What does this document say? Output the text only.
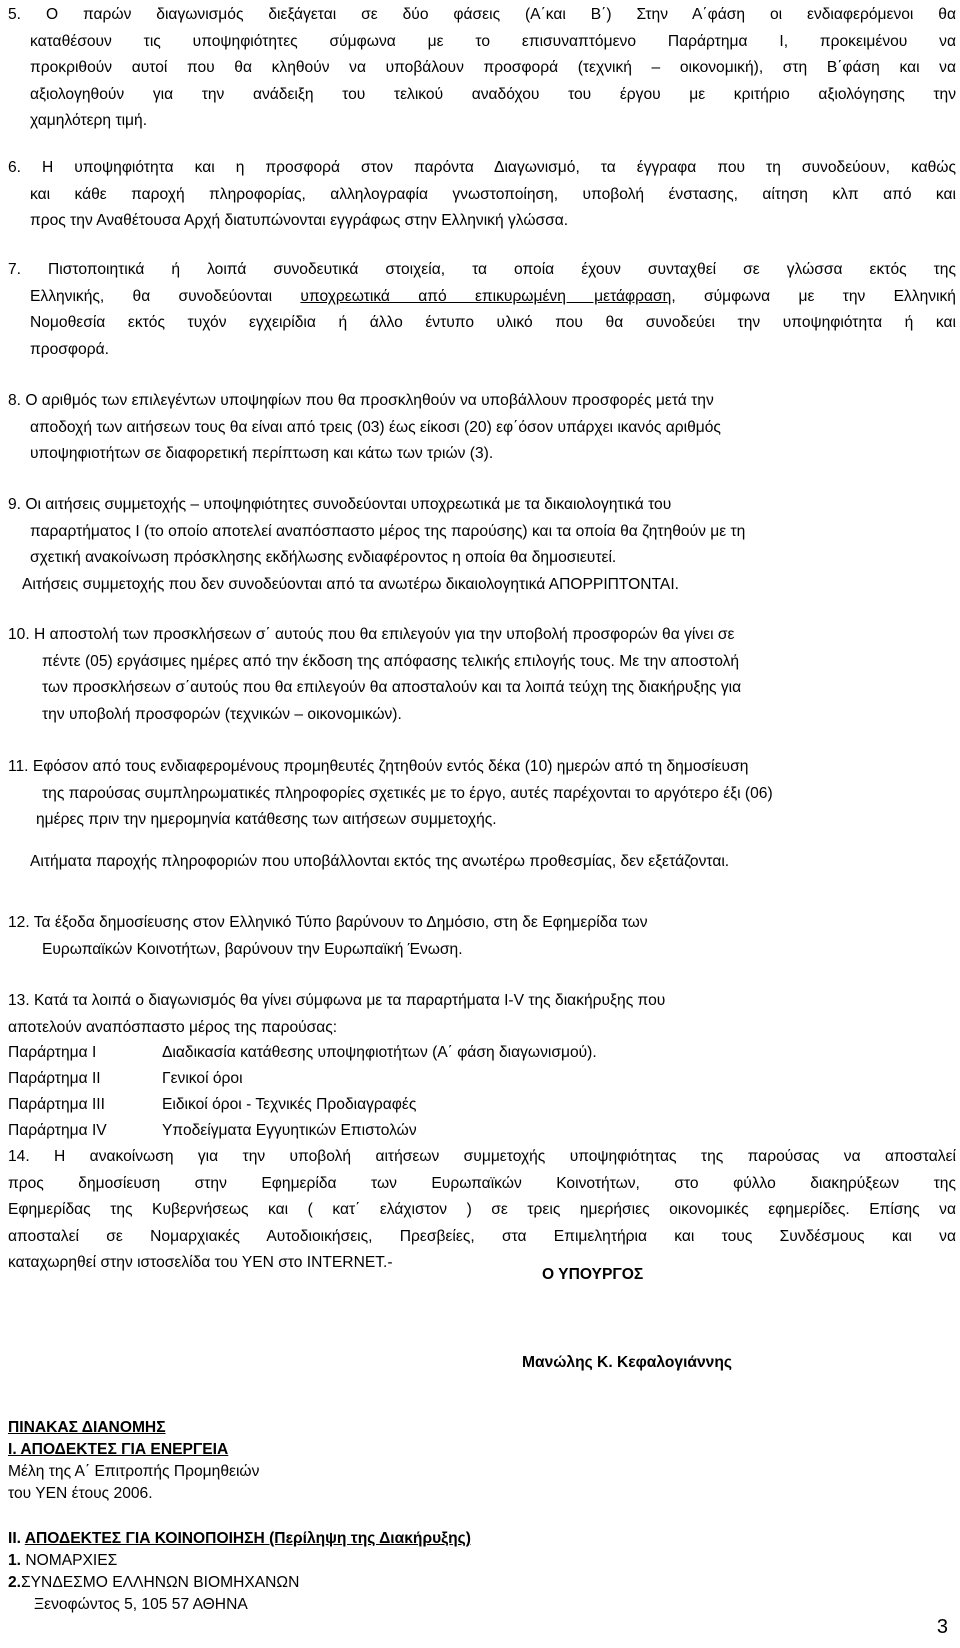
5. Ο παρών διαγωνισμός διεξάγεται σε δύο φάσεις (Α΄και Β΄) Στην Α΄φάση οι ενδιαφερόμενοι θα
καταθέσουν τις υποψηφιότητες σύμφωνα με το επισυναπτόμενο Παράρτημα Ι, προκειμένου να
προκριθούν αυτοί που θα κληθούν να υποβάλουν προσφορά (τεχνική – οικονομική), στη Β΄φάση και να
αξιολογηθούν για την ανάδειξη του τελικού αναδόχου του έργου με κριτήριο αξιολόγησης την
χαμηλότερη τιμή.
6. Η υποψηφιότητα και η προσφορά στον παρόντα Διαγωνισμό, τα έγγραφα που τη συνοδεύουν, καθώς
και κάθε παροχή πληροφορίας, αλληλογραφία γνωστοποίηση, υποβολή ένστασης, αίτηση κλπ από και
προς την Αναθέτουσα Αρχή διατυπώνονται εγγράφως στην Ελληνική γλώσσα.
7. Πιστοποιητικά ή λοιπά συνοδευτικά στοιχεία, τα οποία έχουν συνταχθεί σε γλώσσα εκτός της
Ελληνικής, θα συνοδεύονται υποχρεωτικά από επικυρωμένη μετάφραση, σύμφωνα με την Ελληνική
Νομοθεσία εκτός τυχόν εγχειρίδια ή άλλο έντυπο υλικό που θα συνοδεύει την υποψηφιότητα ή και
προσφορά.
8. Ο αριθμός των επιλεγέντων υποψηφίων που θα προσκληθούν να υποβάλλουν προσφορές μετά την
αποδοχή των αιτήσεων τους θα είναι από τρεις (03) έως είκοσι (20) εφ΄όσον υπάρχει ικανός αριθμός
υποψηφιοτήτων σε διαφορετική περίπτωση και κάτω των τριών (3).
9. Οι αιτήσεις συμμετοχής – υποψηφιότητες συνοδεύονται υποχρεωτικά με τα δικαιολογητικά του
παραρτήματος Ι (το οποίο αποτελεί αναπόσπαστο μέρος της παρούσης) και τα οποία θα ζητηθούν με τη
σχετική ανακοίνωση πρόσκλησης εκδήλωσης ενδιαφέροντος η οποία θα δημοσιευτεί.
Αιτήσεις συμμετοχής που δεν συνοδεύονται από τα ανωτέρω δικαιολογητικά ΑΠΟΡΡΙΠΤΟΝΤΑΙ.
10. Η αποστολή των προσκλήσεων σ΄ αυτούς που θα επιλεγούν για την υποβολή προσφορών θα γίνει σε
πέντε (05) εργάσιμες ημέρες από την έκδοση της απόφασης τελικής επιλογής τους. Με την αποστολή
των προσκλήσεων σ΄αυτούς που θα επιλεγούν θα αποσταλούν και τα λοιπά τεύχη της διακήρυξης για
την υποβολή προσφορών (τεχνικών – οικονομικών).
11. Εφόσον από τους ενδιαφερομένους προμηθευτές ζητηθούν εντός δέκα (10) ημερών από τη δημοσίευση
της παρούσας συμπληρωματικές πληροφορίες σχετικές με το έργο, αυτές παρέχονται το αργότερο έξι (06)
ημέρες πριν την ημερομηνία κατάθεσης των αιτήσεων συμμετοχής.
Αιτήματα παροχής πληροφοριών που υποβάλλονται εκτός της ανωτέρω προθεσμίας, δεν εξετάζονται.
12. Τα έξοδα δημοσίευσης στον Ελληνικό Τύπο βαρύνουν το Δημόσιο, στη δε Εφημερίδα των
Ευρωπαϊκών Κοινοτήτων, βαρύνουν την Ευρωπαϊκή Ένωση.
13. Κατά τα λοιπά ο διαγωνισμός θα γίνει σύμφωνα με τα παραρτήματα Ι-V της διακήρυξης που
αποτελούν αναπόσπαστο μέρος της παρούσας:
Παράρτημα Ι	Διαδικασία κατάθεσης υποψηφιοτήτων (Α΄ φάση διαγωνισμού).
Παράρτημα ΙΙ	Γενικοί όροι
Παράρτημα ΙΙΙ	Ειδικοί όροι - Τεχνικές Προδιαγραφές
Παράρτημα ΙV	Υποδείγματα Εγγυητικών Επιστολών
14. Η ανακοίνωση για την υποβολή αιτήσεων συμμετοχής υποψηφιότητας της παρούσας να αποσταλεί
προς δημοσίευση στην Εφημερίδα των Ευρωπαϊκών Κοινοτήτων, στο φύλλο διακηρύξεων της
Εφημερίδας της Κυβερνήσεως και ( κατ΄ ελάχιστον ) σε τρεις ημερήσιες οικονομικές εφημερίδες. Επίσης να
αποσταλεί σε Νομαρχιακές Αυτοδιοικήσεις, Πρεσβείες, στα Επιμελητήρια και τους Συνδέσμους και να
καταχωρηθεί στην ιστοσελίδα του ΥΕΝ στο INTERNET.-
Ο ΥΠΟΥΡΓΟΣ
Μανώλης Κ. Κεφαλογιάννης
ΠΙΝΑΚΑΣ ΔΙΑΝΟΜΗΣ
Ι. ΑΠΟΔΕΚΤΕΣ ΓΙΑ ΕΝΕΡΓΕΙΑ
Μέλη της Α΄ Επιτροπής Προμηθειών
του ΥΕΝ έτους 2006.
ΙΙ. ΑΠΟΔΕΚΤΕΣ ΓΙΑ ΚΟΙΝΟΠΟΙΗΣΗ (Περίληψη της Διακήρυξης)
1. ΝΟΜΑΡΧΙΕΣ
2.ΣΥΝΔΕΣΜΟ ΕΛΛΗΝΩΝ ΒΙΟΜΗΧΑΝΩΝ
Ξενοφώντος 5, 105 57 ΑΘΗΝΑ
3
